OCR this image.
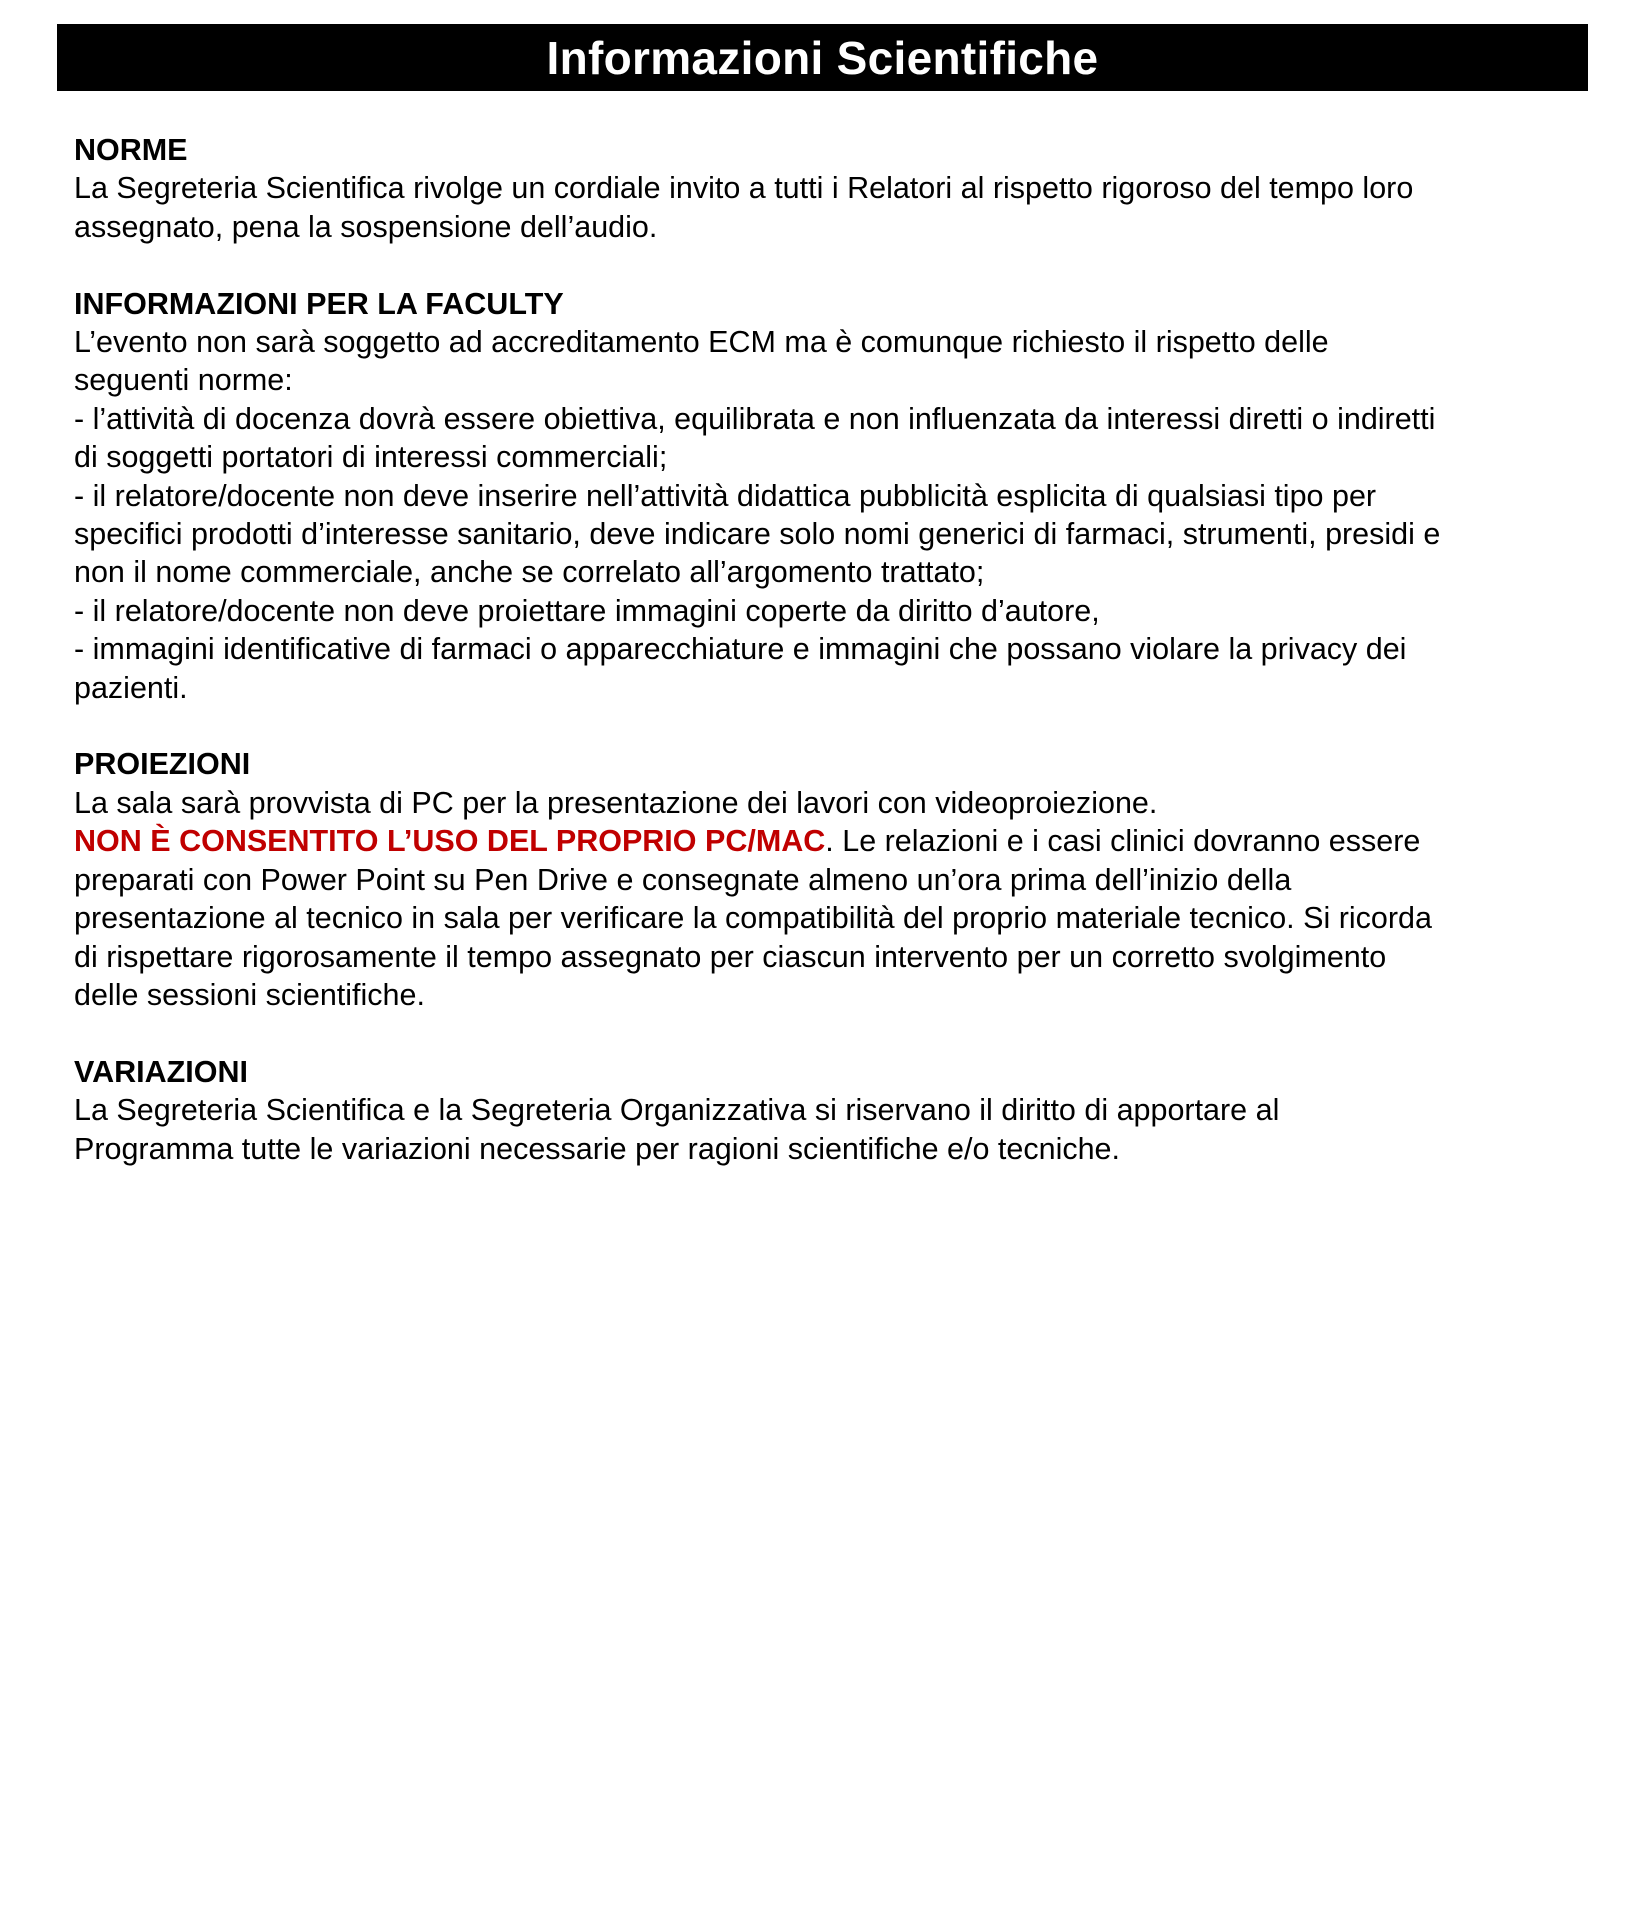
Informazioni Scientifiche
NORME

La Segreteria Scientifica rivolge un cordiale invito a tutti i Relatori al rispetto rigoroso del tempo loro
assegnato, pena la sospensione dell’audio.

INFORMAZIONI PER LA FACULTY

L’evento non sarà soggetto ad accreditamento ECM ma è comunque richiesto il rispetto delle
seguenti norme:
- l’attività di docenza dovrà essere obiettiva, equilibrata e non influenzata da interessi diretti o indiretti
di soggetti portatori di interessi commerciali;
- il relatore/docente non deve inserire nell’attività didattica pubblicità esplicita di qualsiasi tipo per
specifici prodotti d’interesse sanitario, deve indicare solo nomi generici di farmaci, strumenti, presidi e
non il nome commerciale, anche se correlato all’argomento trattato;
- il relatore/docente non deve proiettare immagini coperte da diritto d’autore,
- immagini identificative di farmaci o apparecchiature e immagini che possano violare la privacy dei
pazienti.

PROIEZIONI

La sala sarà provvista di PC per la presentazione dei lavori con videoproiezione.
NON È CONSENTITO L’USO DEL PROPRIO PC/MAC. Le relazioni e i casi clinici dovranno essere
preparati con Power Point su Pen Drive e consegnate almeno un’ora prima dell’inizio della
presentazione al tecnico in sala per verificare la compatibilità del proprio materiale tecnico. Si ricorda
di rispettare rigorosamente il tempo assegnato per ciascun intervento per un corretto svolgimento
delle sessioni scientifiche.

VARIAZIONI

La Segreteria Scientifica e la Segreteria Organizzativa si riservano il diritto di apportare al
Programma tutte le variazioni necessarie per ragioni scientifiche e/o tecniche.
